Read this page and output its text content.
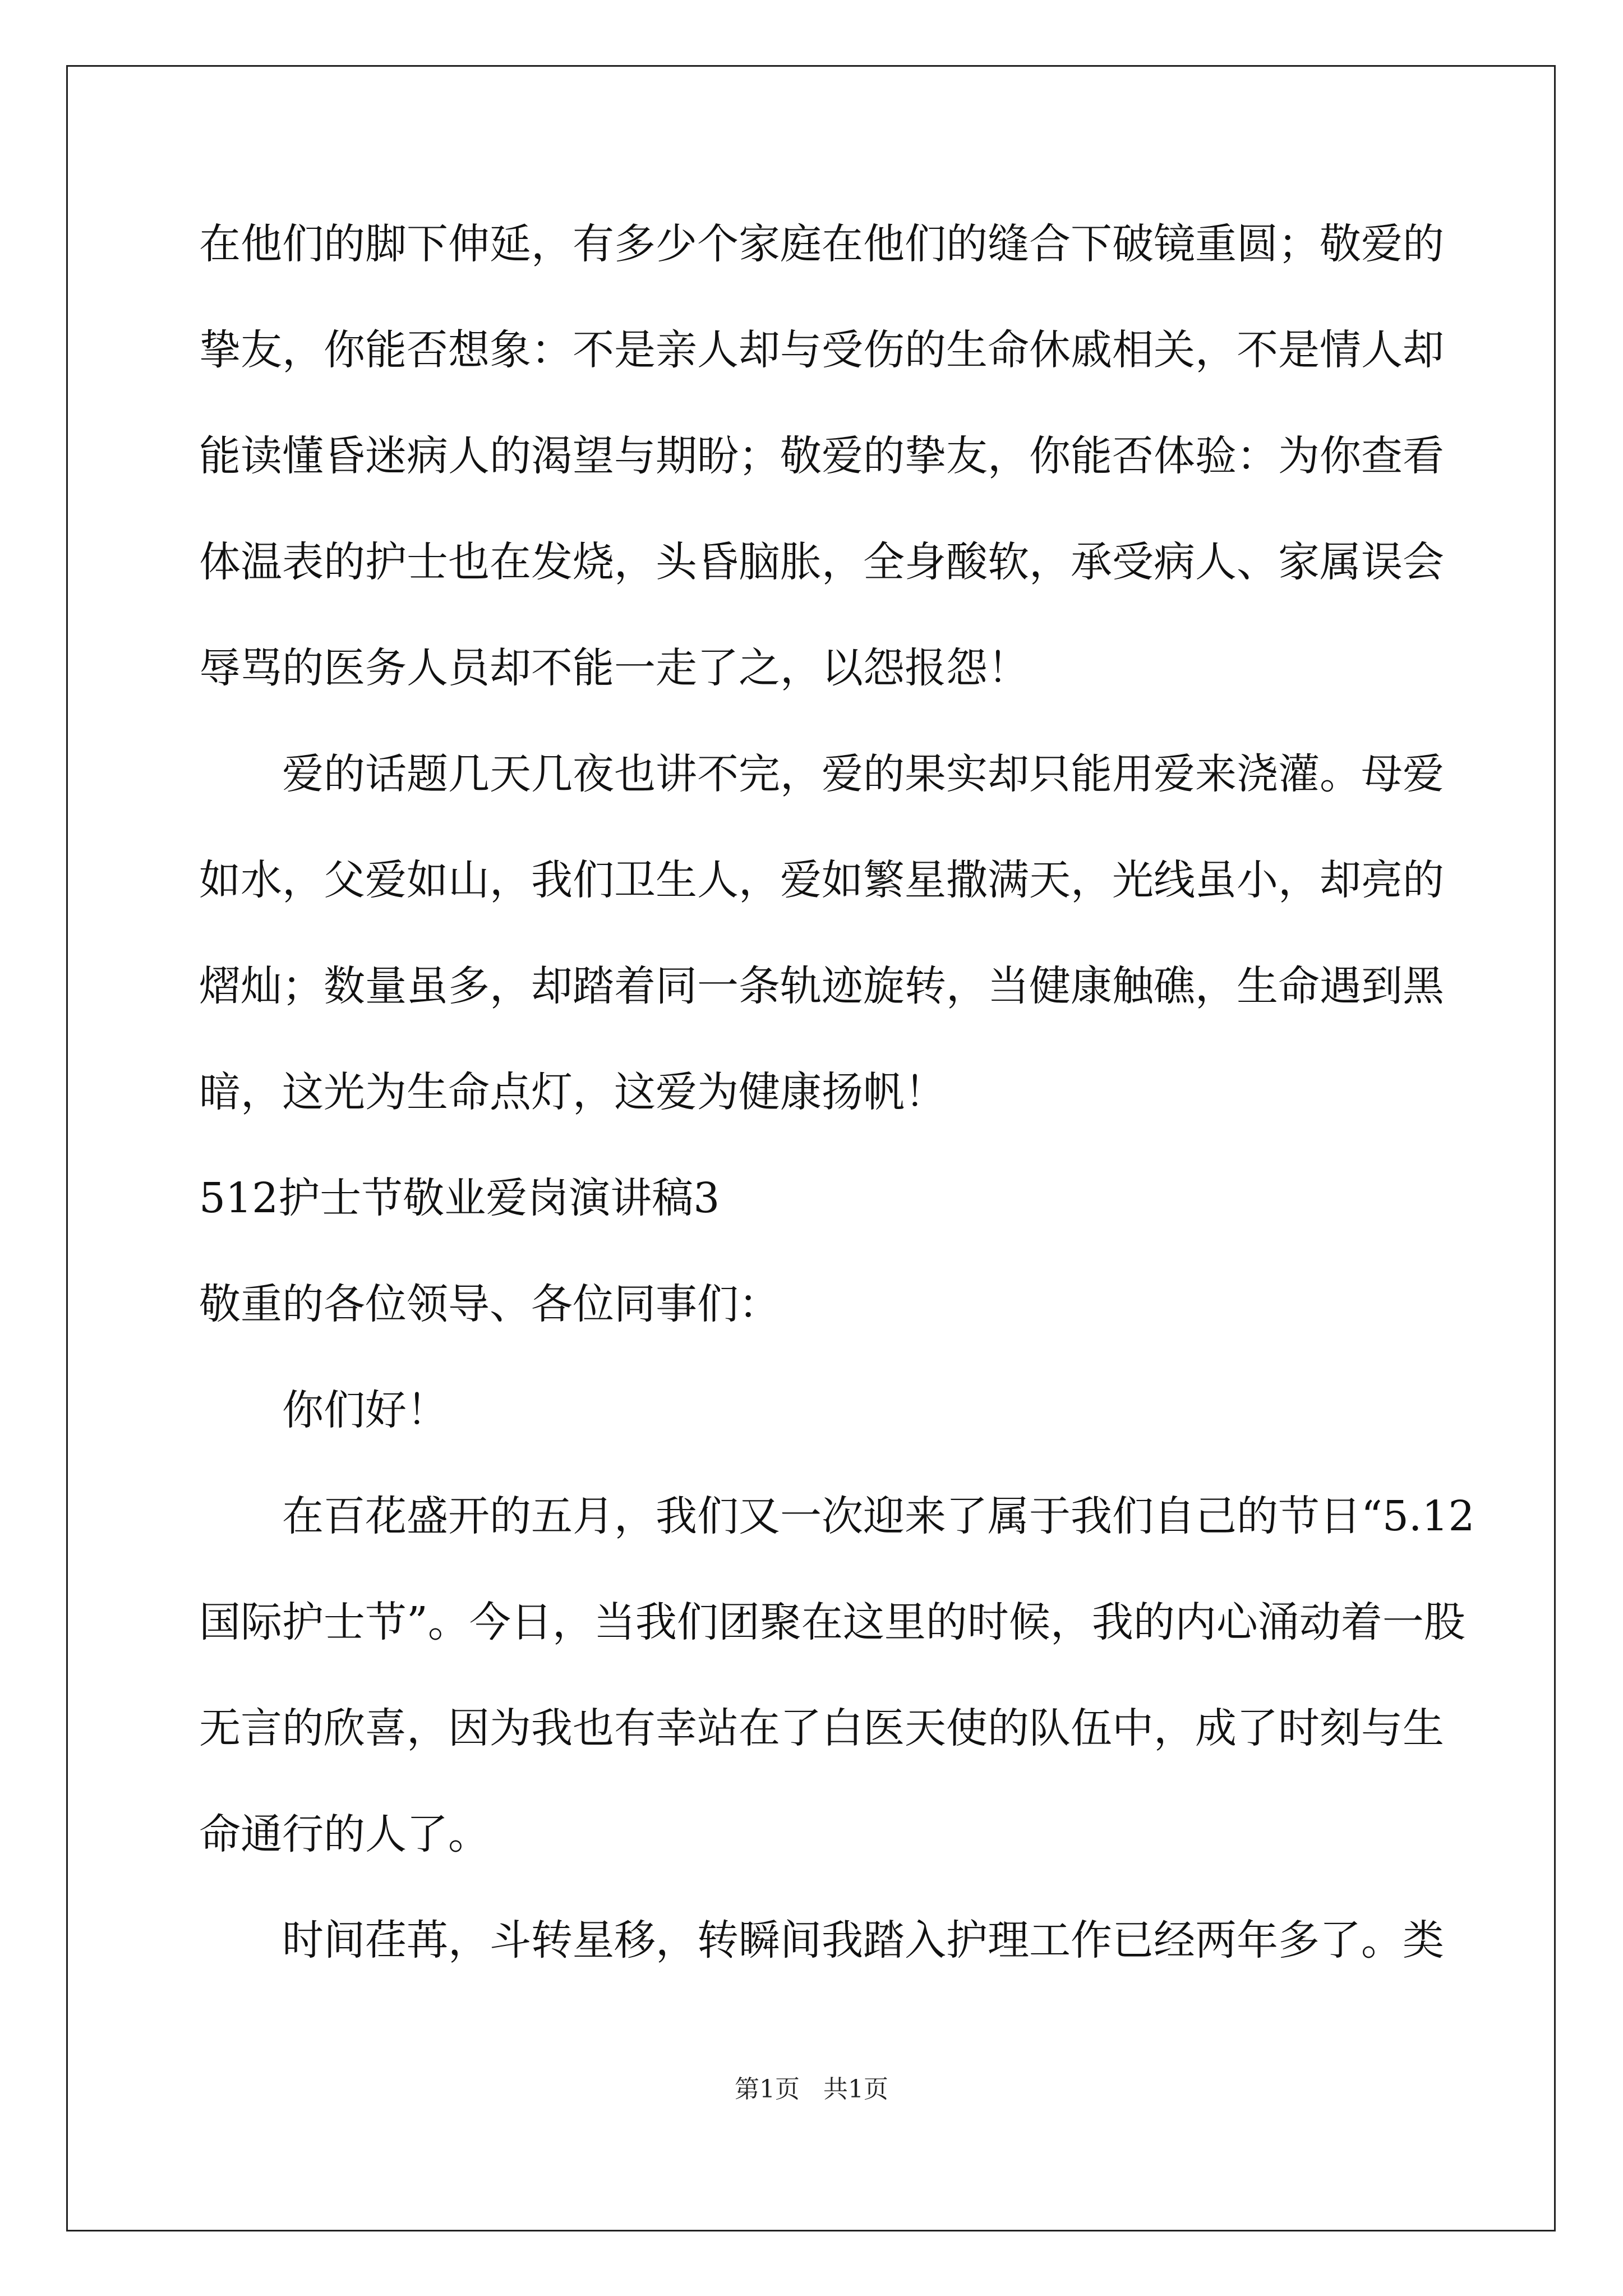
在他们的脚下伸延，有多少个家庭在他们的缝合下破镜重圆；敬爱的
挚友，你能否想象：不是亲人却与受伤的生命休戚相关，不是情人却
能读懂昏迷病人的渴望与期盼；敬爱的挚友，你能否体验：为你查看
体温表的护士也在发烧，头昏脑胀，全身酸软，承受病人、家属误会
辱骂的医务人员却不能一走了之，以怨报怨！
爱的话题几天几夜也讲不完，爱的果实却只能用爱来浇灌。母爱
如水，父爱如山，我们卫生人，爱如繁星撒满天，光线虽小，却亮的
熠灿；数量虽多，却踏着同一条轨迹旋转，当健康触礁，生命遇到黑
暗，这光为生命点灯，这爱为健康扬帆！
512护士节敬业爱岗演讲稿3
敬重的各位领导、各位同事们：
你们好！
在百花盛开的五月，我们又一次迎来了属于我们自己的节日“5.12
国际护士节”。今日，当我们团聚在这里的时候，我的内心涌动着一股
无言的欣喜，因为我也有幸站在了白医天使的队伍中，成了时刻与生
命通行的人了。
时间荏苒，斗转星移，转瞬间我踏入护理工作已经两年多了。类
第1页   共1页
